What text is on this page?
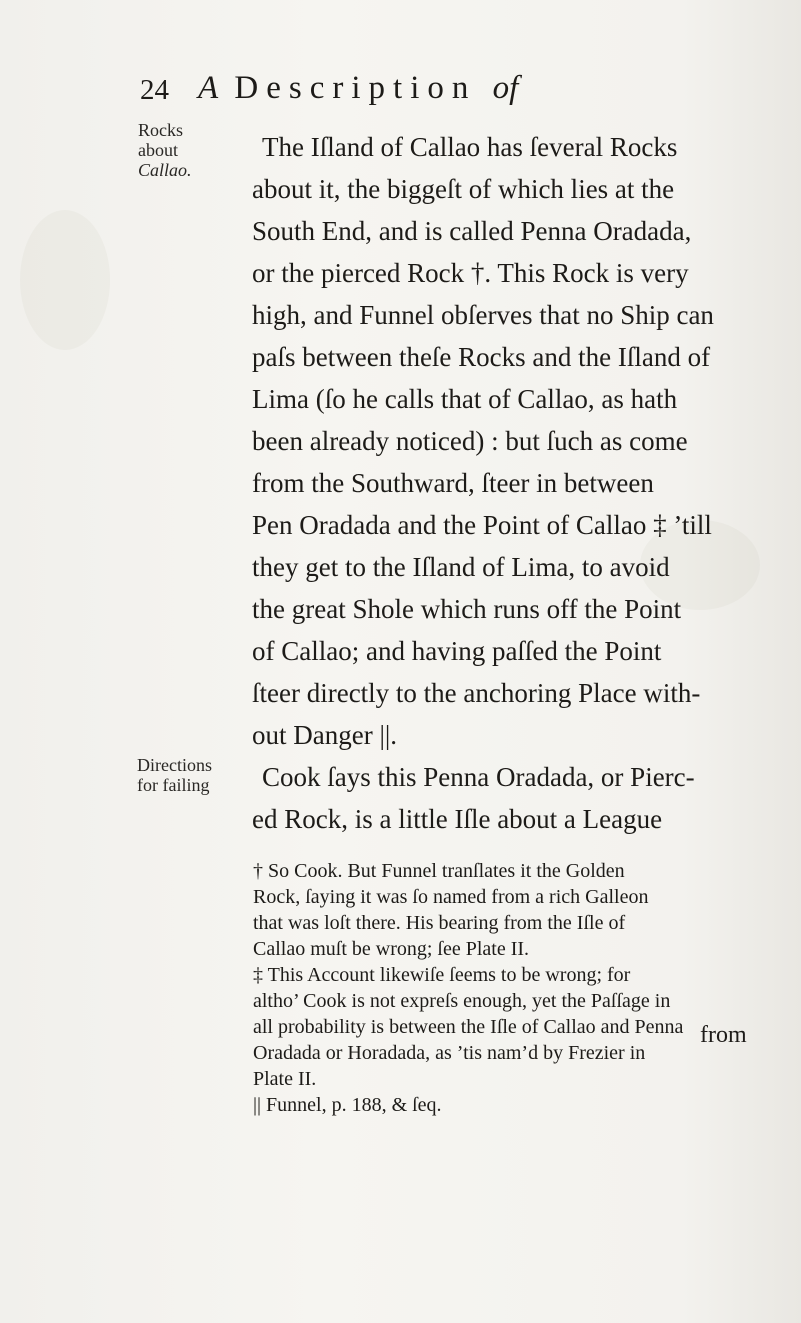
24 A Description of
Rocks
about
Callao.
Directions
for failing
The Iſland of Callao has ſeveral Rocks
about it, the biggeſt of which lies at the
South End, and is called Penna Oradada,
or the pierced Rock †. This Rock is very
high, and Funnel obſerves that no Ship can
paſs between theſe Rocks and the Iſland of
Lima (ſo he calls that of Callao, as hath
been already noticed) : but ſuch as come
from the Southward, ſteer in between
Pen Oradada and the Point of Callao ‡ ’till
they get to the Iſland of Lima, to avoid
the great Shole which runs off the Point
of Callao; and having paſſed the Point
ſteer directly to the anchoring Place with-
out Danger ||.
Cook ſays this Penna Oradada, or Pierc-
ed Rock, is a little Iſle about a League
† So Cook. But Funnel tranſlates it the Golden
Rock, ſaying it was ſo named from a rich Galleon
that was loſt there. His bearing from the Iſle of
Callao muſt be wrong; ſee Plate II.
‡ This Account likewiſe ſeems to be wrong; for
altho’ Cook is not expreſs enough, yet the Paſſage in
all probability is between the Iſle of Callao and Penna
Oradada or Horadada, as ’tis nam’d by Frezier in
Plate II.
|| Funnel, p. 188, & ſeq.
from
